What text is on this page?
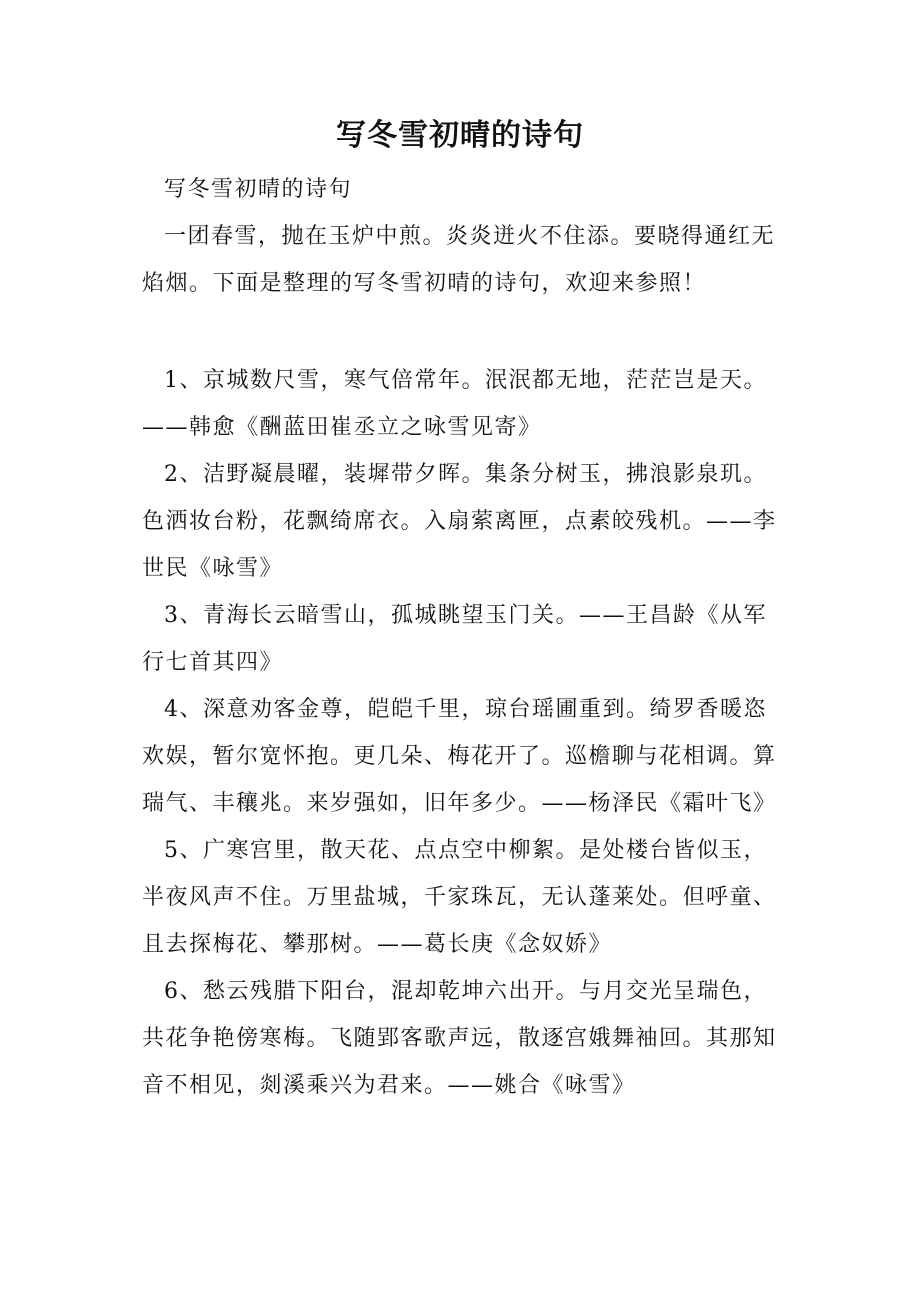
写冬雪初晴的诗句

写冬雪初晴的诗句

一团春雪，抛在玉炉中煎。炎炎迸火不住添。要晓得通红无焰烟。下面是整理的写冬雪初晴的诗句，欢迎来参照！

1、京城数尺雪，寒气倍常年。泯泯都无地，茫茫岂是天。——韩愈《酬蓝田崔丞立之咏雪见寄》

2、洁野凝晨曜，装墀带夕晖。集条分树玉，拂浪影泉玑。色洒妆台粉，花飘绮席衣。入扇萦离匣，点素皎残机。——李世民《咏雪》

3、青海长云暗雪山，孤城眺望玉门关。——王昌龄《从军行七首其四》

4、深意劝客金尊，皑皑千里，琼台瑶圃重到。绮罗香暖恣欢娱，暂尔宽怀抱。更几朵、梅花开了。巡檐聊与花相调。算瑞气、丰穰兆。来岁强如，旧年多少。——杨泽民《霜叶飞》

5、广寒宫里，散天花、点点空中柳絮。是处楼台皆似玉，半夜风声不住。万里盐城，千家珠瓦，无认蓬莱处。但呼童、且去探梅花、攀那树。——葛长庚《念奴娇》

6、愁云残腊下阳台，混却乾坤六出开。与月交光呈瑞色，共花争艳傍寒梅。飞随郢客歌声远，散逐宫娥舞袖回。其那知音不相见，剡溪乘兴为君来。——姚合《咏雪》
